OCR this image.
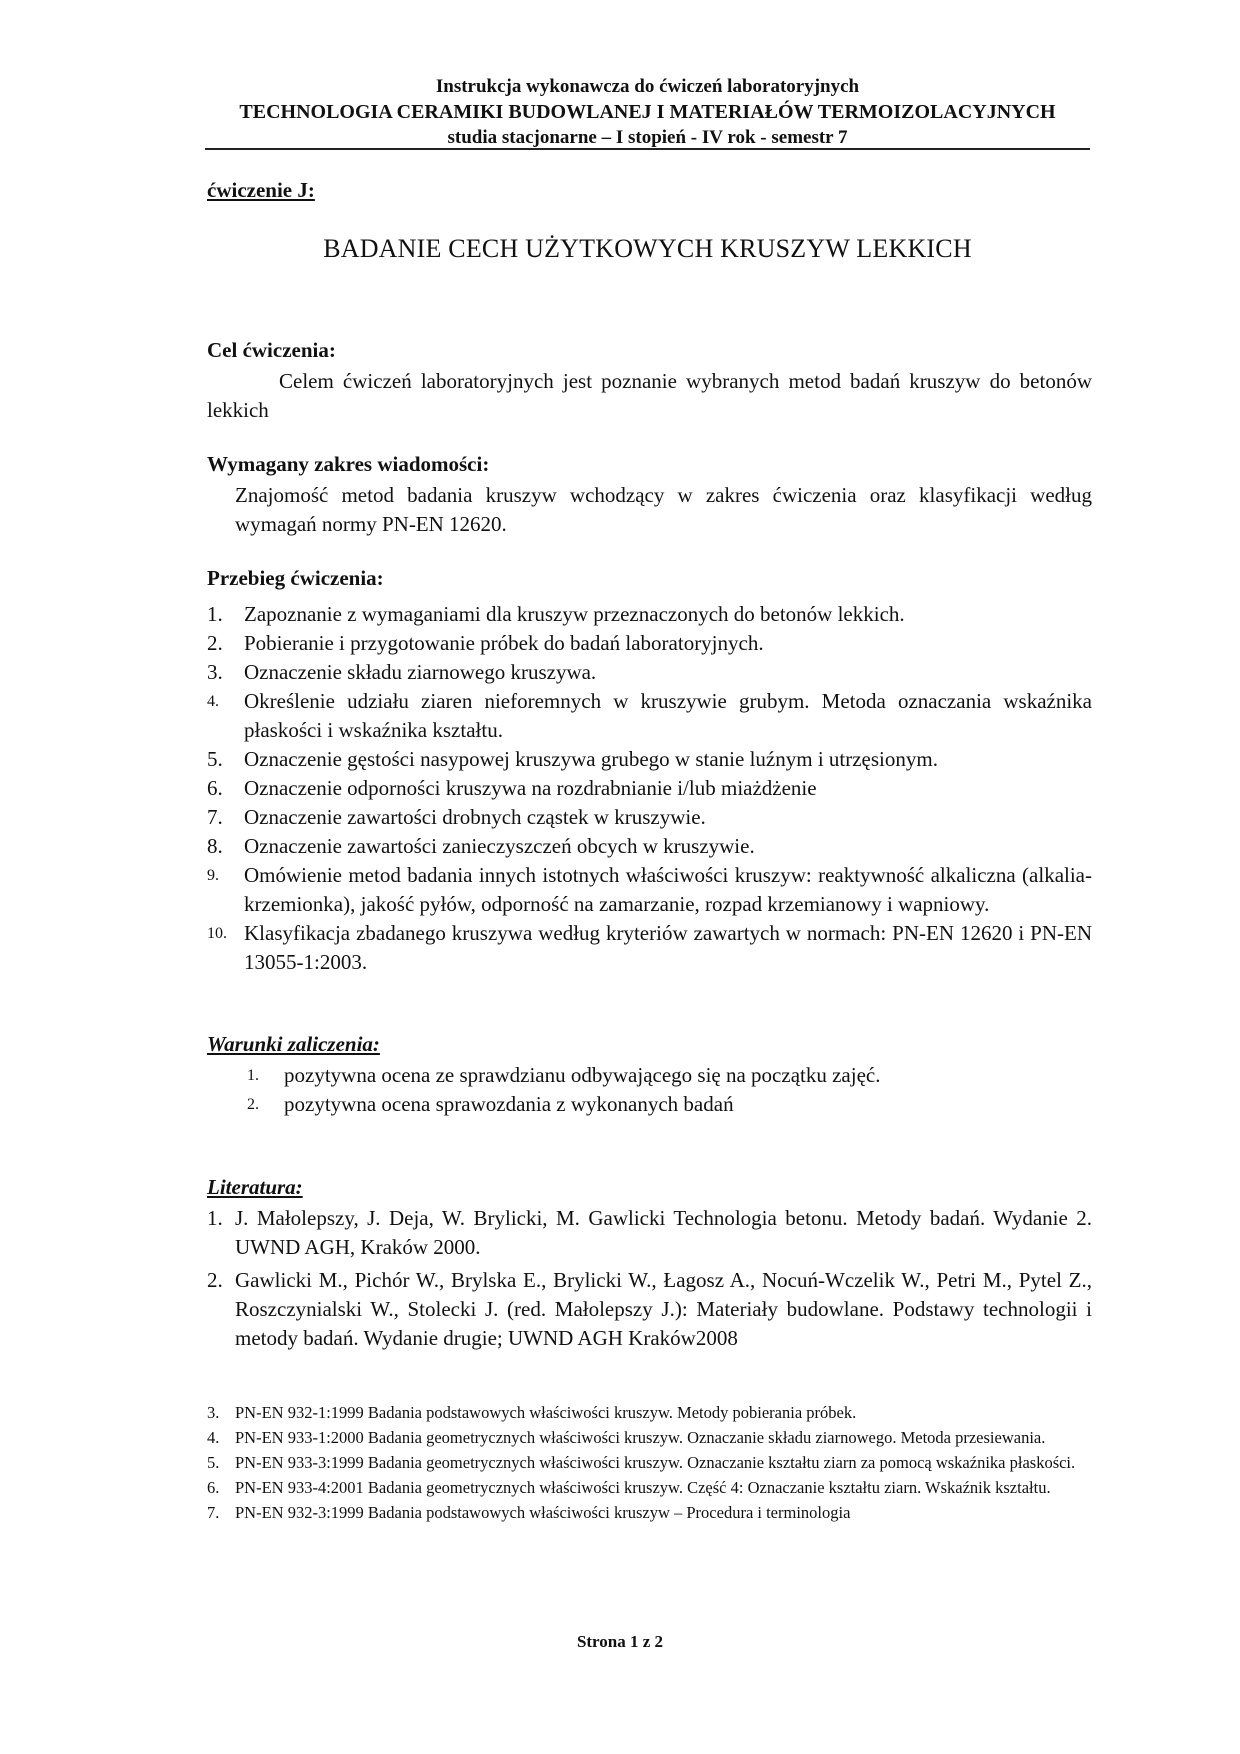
Instrukcja wykonawcza do ćwiczeń laboratoryjnych
TECHNOLOGIA CERAMIKI BUDOWLANEJ I MATERIAŁÓW TERMOIZOLACYJNYCH
studia stacjonarne – I stopień - IV rok - semestr 7
ćwiczenie J:
BADANIE CECH UŻYTKOWYCH KRUSZYW LEKKICH
Cel ćwiczenia:
Celem ćwiczeń laboratoryjnych jest poznanie wybranych metod badań kruszyw do betonów lekkich
Wymagany zakres wiadomości:
Znajomość metod badania kruszyw wchodzący w zakres ćwiczenia oraz klasyfikacji według wymagań normy PN-EN 12620.
Przebieg ćwiczenia:
1. Zapoznanie z wymaganiami dla kruszyw przeznaczonych do betonów lekkich.
2. Pobieranie i przygotowanie próbek do badań laboratoryjnych.
3. Oznaczenie składu ziarnowego kruszywa.
4. Określenie udziału ziaren nieforemnych w kruszywie grubym. Metoda oznaczania wskaźnika płaskości i wskaźnika kształtu.
5. Oznaczenie gęstości nasypowej kruszywa grubego w stanie luźnym i utrzęsionym.
6. Oznaczenie odporności kruszywa na rozdrabnianie i/lub miażdżenie
7. Oznaczenie zawartości drobnych cząstek w kruszywie.
8. Oznaczenie zawartości zanieczyszczeń obcych w kruszywie.
9. Omówienie metod badania innych istotnych właściwości kruszyw: reaktywność alkaliczna (alkalia-krzemionka), jakość pyłów, odporność na zamarzanie, rozpad krzemianowy i wapniowy.
10. Klasyfikacja zbadanego kruszywa według kryteriów zawartych w normach: PN-EN 12620 i PN-EN 13055-1:2003.
Warunki zaliczenia:
1. pozytywna ocena ze sprawdzianu odbywającego się na początku zajęć.
2. pozytywna ocena sprawozdania z wykonanych badań
Literatura:
1. J. Małolepszy, J. Deja, W. Brylicki, M. Gawlicki Technologia betonu. Metody badań. Wydanie 2. UWND AGH, Kraków 2000.
2. Gawlicki M., Pichór W., Brylska E., Brylicki W., Łagosz A., Nocuń-Wczelik W., Petri M., Pytel Z., Roszczynialski W., Stolecki J. (red. Małolepszy J.): Materiały budowlane. Podstawy technologii i metody badań. Wydanie drugie; UWND AGH Kraków2008
3. PN-EN 932-1:1999 Badania podstawowych właściwości kruszyw. Metody pobierania próbek.
4. PN-EN 933-1:2000 Badania geometrycznych właściwości kruszyw. Oznaczanie składu ziarnowego. Metoda przesiewania.
5. PN-EN 933-3:1999 Badania geometrycznych właściwości kruszyw. Oznaczanie kształtu ziarn za pomocą wskaźnika płaskości.
6. PN-EN 933-4:2001 Badania geometrycznych właściwości kruszyw. Część 4: Oznaczanie kształtu ziarn. Wskaźnik kształtu.
7. PN-EN 932-3:1999 Badania podstawowych właściwości kruszyw – Procedura i terminologia
Strona 1 z 2
